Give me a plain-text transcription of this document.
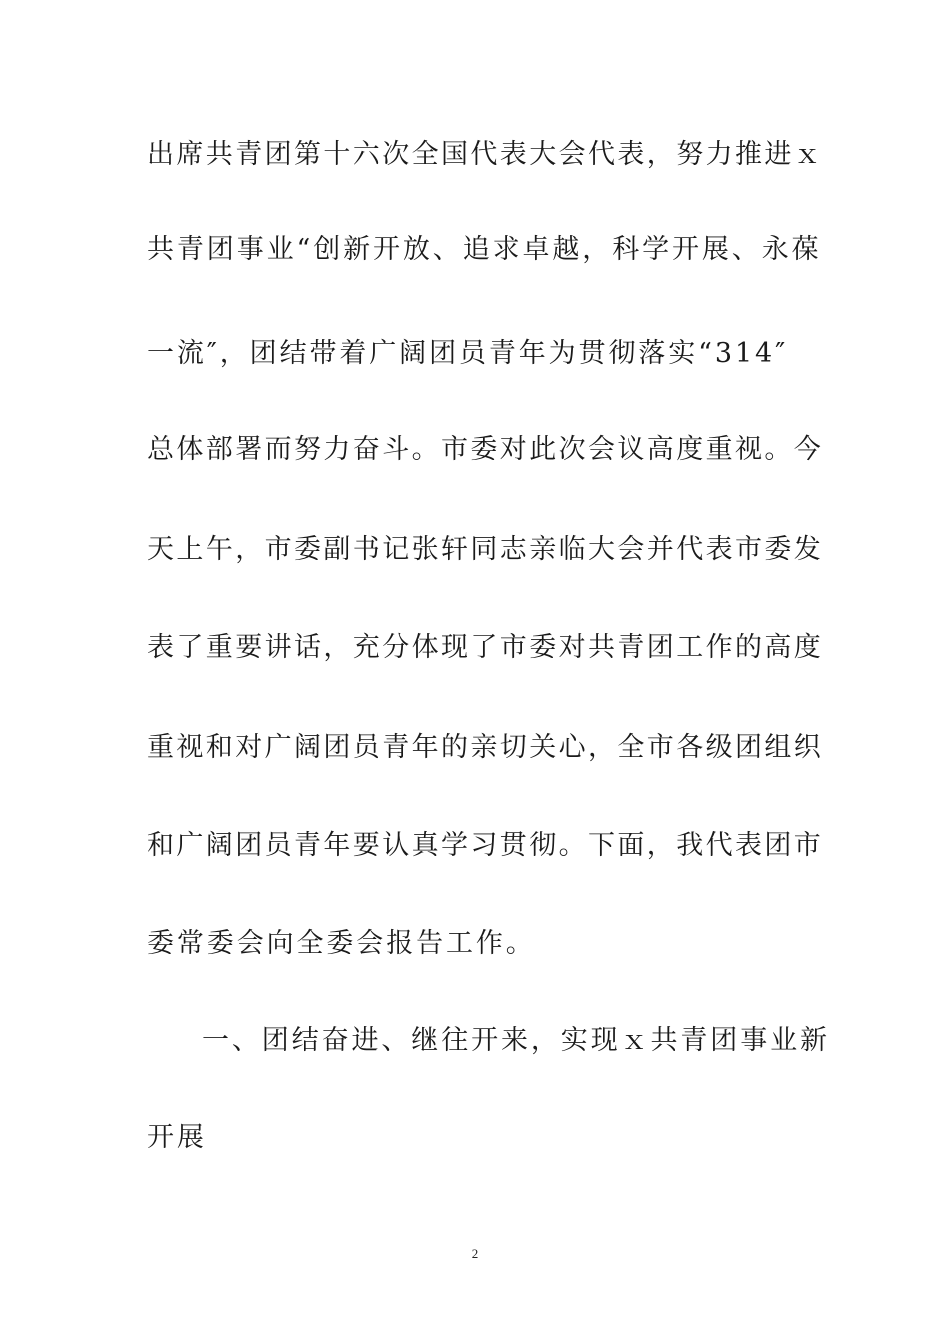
出席共青团第十六次全国代表大会代表，努力推进ｘ
共青团事业“创新开放、追求卓越，科学开展、永葆
一流″，团结带着广阔团员青年为贯彻落实“314″
总体部署而努力奋斗。市委对此次会议高度重视。今
天上午，市委副书记张轩同志亲临大会并代表市委发
表了重要讲话，充分体现了市委对共青团工作的高度
重视和对广阔团员青年的亲切关心，全市各级团组织
和广阔团员青年要认真学习贯彻。下面，我代表团市
委常委会向全委会报告工作。
一、团结奋进、继往开来，实现ｘ共青团事业新
开展
2
